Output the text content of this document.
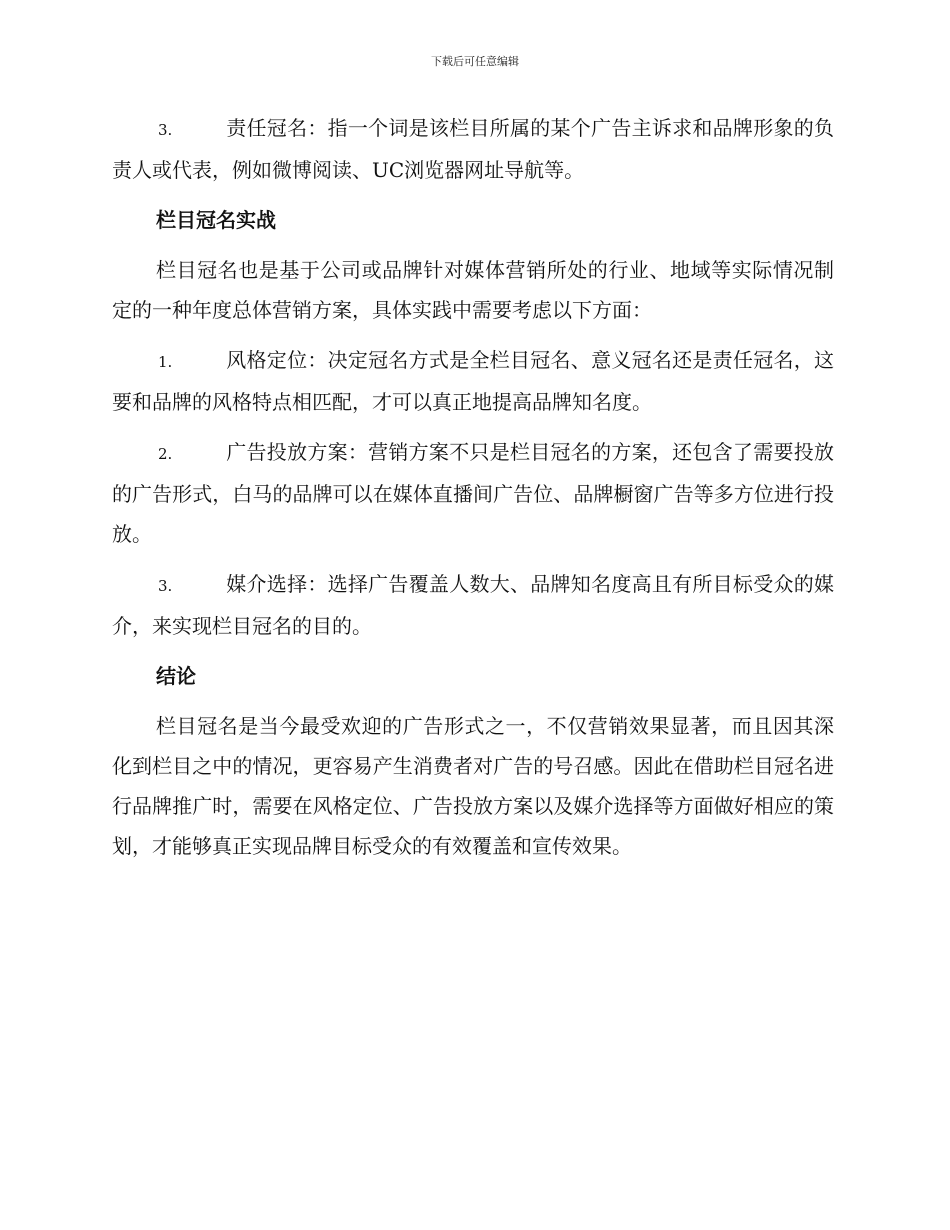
下载后可任意编辑

3.	责任冠名：指一个词是该栏目所属的某个广告主诉求和品牌形象的负责人或代表，例如微博阅读、UC浏览器网址导航等。

栏目冠名实战

栏目冠名也是基于公司或品牌针对媒体营销所处的行业、地域等实际情况制定的一种年度总体营销方案，具体实践中需要考虑以下方面：

1.	风格定位：决定冠名方式是全栏目冠名、意义冠名还是责任冠名，这要和品牌的风格特点相匹配，才可以真正地提高品牌知名度。

2.	广告投放方案：营销方案不只是栏目冠名的方案，还包含了需要投放的广告形式，白马的品牌可以在媒体直播间广告位、品牌橱窗广告等多方位进行投放。

3.	媒介选择：选择广告覆盖人数大、品牌知名度高且有所目标受众的媒介，来实现栏目冠名的目的。

结论

栏目冠名是当今最受欢迎的广告形式之一，不仅营销效果显著，而且因其深化到栏目之中的情况，更容易产生消费者对广告的号召感。因此在借助栏目冠名进行品牌推广时，需要在风格定位、广告投放方案以及媒介选择等方面做好相应的策划，才能够真正实现品牌目标受众的有效覆盖和宣传效果。
